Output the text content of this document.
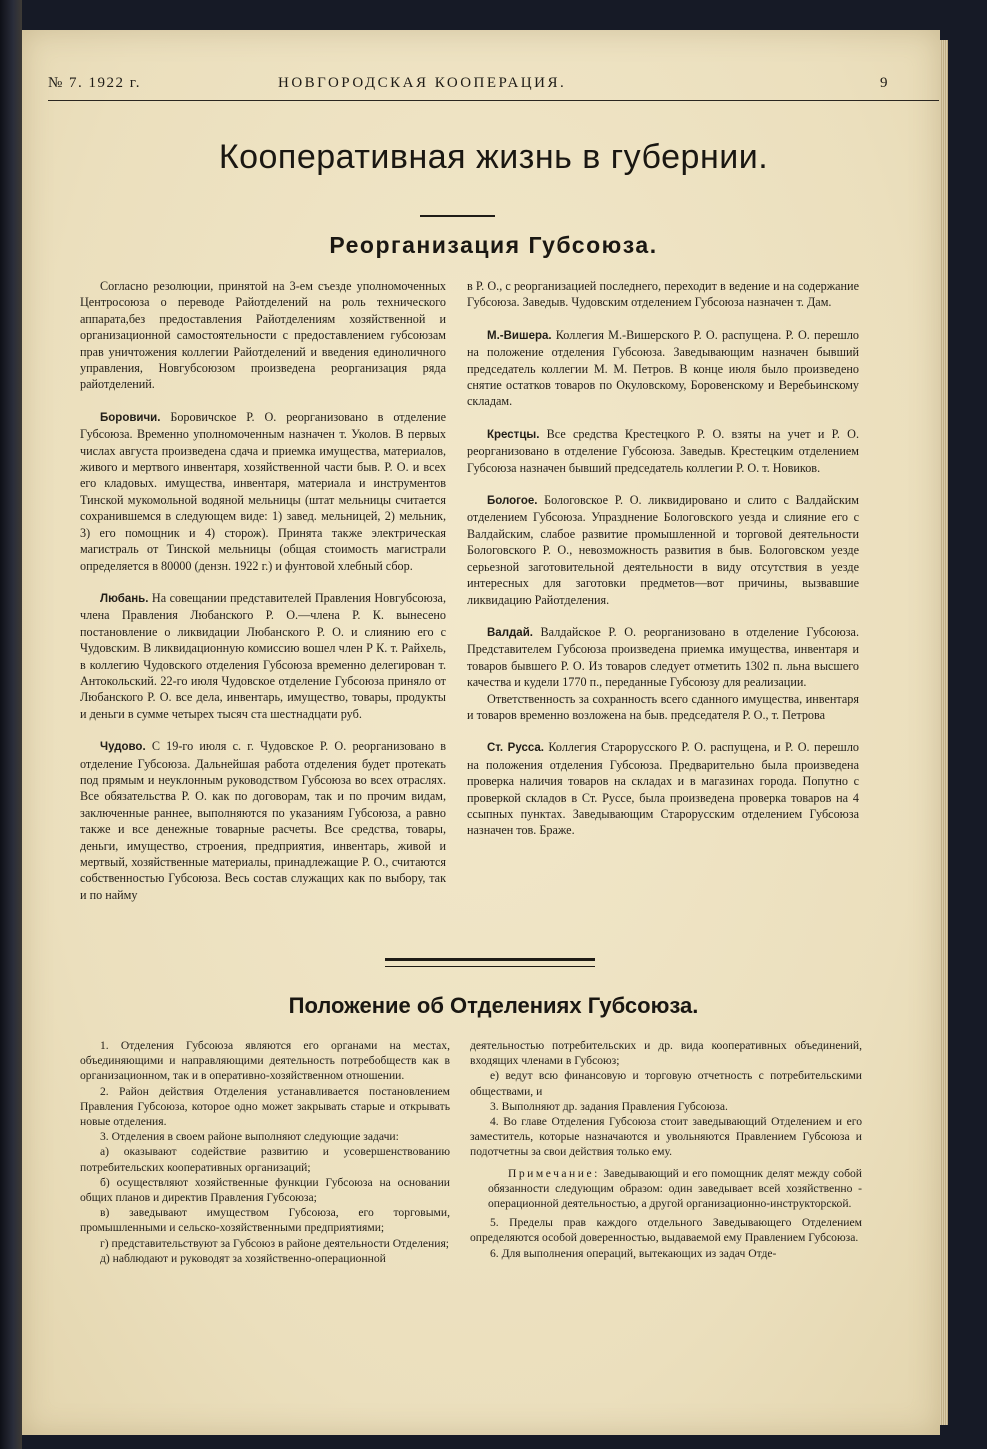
№ 7. 1922 г.	НОВГОРОДСКАЯ КООПЕРАЦИЯ.	9
Кооперативная жизнь в губернии.
Реорганизация Губсоюза.

Согласно резолюции, принятой на 3-ем съезде уполномоченных Центросоюза о переводе Райотделений на роль технического аппарата,без предоставления Райотделениям хозяйственной и организационной самостоятельности с предоставлением губсоюзам прав уничтожения коллегии Райотделений и введения единоличного управления, Новгубсоюзом произведена реорганизация ряда райотделений.

Боровичи. Боровичское Р. О. реорганизовано в отделение Губсоюза. Временно уполномоченным назначен т. Уколов. В первых числах августа произведена сдача и приемка имущества, материалов, живого и мертвого инвентаря, хозяйственной части быв. Р. О. и всех его кладовых. имущества, инвентаря, материала и инструментов Тинской мукомольной водяной мельницы (штат мельницы считается сохранившемся в следующем виде: 1) завед. мельницей, 2) мельник, 3) его помощник и 4) сторож). Принята также электрическая магистраль от Тинской мельницы (общая стоимость магистрали определяется в 80000 (дензн. 1922 г.) и фунтовой хлебный сбор.

Любань. На совещании представителей Правления Новгубсоюза, члена Правления Любанского Р. О.—члена Р. К. вынесено постановление о ликвидации Любанского Р. О. и слиянию его с Чудовским. В ликвидационную комиссию вошел член Р К. т. Райхель, в коллегию Чудовского отделения Губсоюза временно делегирован т. Антокольский. 22-го июля Чудовское отделение Губсоюза приняло от Любанского Р. О. все дела, инвентарь, имущество, товары, продукты и деньги в сумме четырех тысяч ста шестнадцати руб.

Чудово. С 19-го июля с. г. Чудовское Р. О. реорганизовано в отделение Губсоюза. Дальнейшая работа отделения будет протекать под прямым и неуклонным руководством Губсоюза во всех отраслях. Все обязательства Р. О. как по договорам, так и по прочим видам, заключенные раннее, выполняются по указаниям Губсоюза, а равно также и все денежные товарные расчеты. Все средства, товары, деньги, имущество, строения, предприятия, инвентарь, живой и мертвый, хозяйственные материалы, принадлежащие Р. О., считаются собственностью Губсоюза. Весь состав служащих как по выбору, так и по найму

в Р. О., с реорганизацией последнего, переходит в ведение и на содержание Губсоюза. Заведыв. Чудовским отделением Губсоюза назначен т. Дам.

М.-Вишера. Коллегия М.-Вишерского Р. О. распущена. Р. О. перешло на положение отделения Губсоюза. Заведывающим назначен бывший председатель коллегии М. М. Петров. В конце июля было произведено снятие остатков товаров по Окуловскому, Боровенскому и Веребьинскому складам.

Крестцы. Все средства Крестецкого Р. О. взяты на учет и Р. О. реорганизовано в отделение Губсоюза. Заведыв. Крестецким отделением Губсоюза назначен бывший председатель коллегии Р. О. т. Новиков.

Бологое. Бологовское Р. О. ликвидировано и слито с Валдайским отделением Губсоюза. Упразднение Бологовского уезда и слияние его с Валдайским, слабое развитие промышленной и торговой деятельности Бологовского Р. О., невозможность развития в быв. Бологовском уезде серьезной заготовительной деятельности в виду отсутствия в уезде интересных для заготовки предметов—вот причины, вызвавшие ликвидацию Райотделения.

Валдай. Валдайское Р. О. реорганизовано в отделение Губсоюза. Представителем Губсоюза произведена приемка имущества, инвентаря и товаров бывшего Р. О. Из товаров следует отметить 1302 п. льна высшего качества и кудели 1770 п., переданные Губсоюзу для реализации.

Ответственность за сохранность всего сданного имущества, инвентаря и товаров временно возложена на быв. председателя Р. О., т. Петрова

Ст. Русса. Коллегия Старорусского Р. О. распущена, и Р. О. перешло на положения отделения Губсоюза. Предварительно была произведена проверка наличия товаров на складах и в магазинах города. Попутно с проверкой складов в Ст. Руссе, была произведена проверка товаров на 4 ссыпных пунктах. Заведывающим Старорусским отделением Губсоюза назначен тов. Браже.

Положение об Отделениях Губсоюза.

1. Отделения Губсоюза являются его органами на местах, объединяющими и направляющими деятельность потребобществ как в организационном, так и в оперативно-хозяйственном отношении.

2. Район действия Отделения устанавливается постановлением Правления Губсоюза, которое одно может закрывать старые и открывать новые отделения.

3. Отделения в своем районе выполняют следующие задачи:

а) оказывают содействие развитию и усовершенствованию потребительских кооперативных организаций;

б) осуществляют хозяйственные функции Губсоюза на основании общих планов и директив Правления Губсоюза;

в) заведывают имуществом Губсоюза, его торговыми, промышленными и сельско-хозяйственными предприятиями;

г) представительствуют за Губсоюз в районе деятельности Отделения;

д) наблюдают и руководят за хозяйственно-операционной

деятельностью потребительских и др. вида кооперативных объединений, входящих членами в Губсоюз;

е) ведут всю финансовую и торговую отчетность с потребительскими обществами, и

3. Выполняют др. задания Правления Губсоюза.

4. Во главе Отделения Губсоюза стоит заведывающий Отделением и его заместитель, которые назначаются и увольняются Правлением Губсоюза и подотчетны за свои действия только ему.

Примечание: Заведывающий и его помощник делят между собой обязанности следующим образом: один заведывает всей хозяйственно - операционной деятельностью, а другой организационно-инструкторской.

5. Пределы прав каждого отдельного Заведывающего Отделением определяются особой доверенностью, выдаваемой ему Правлением Губсоюза.

6. Для выполнения операций, вытекающих из задач Отде-
